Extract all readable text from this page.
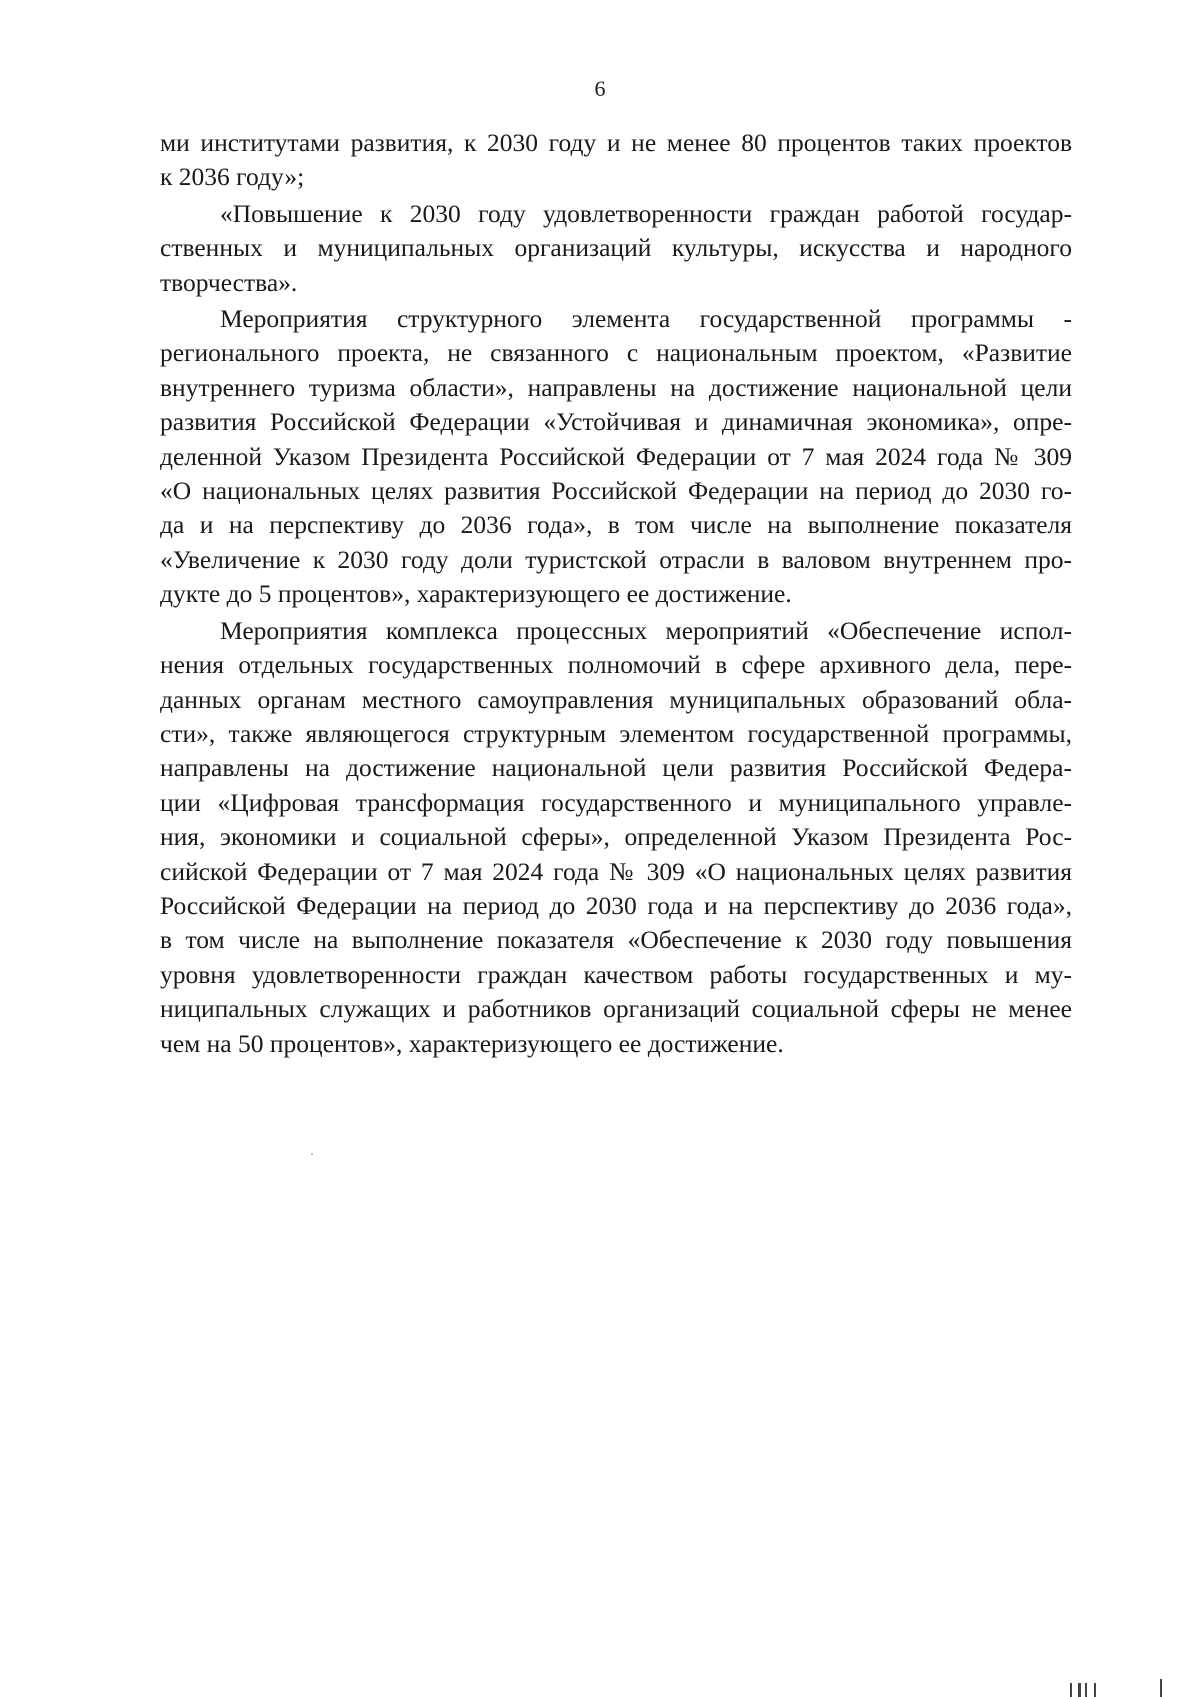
6
ми институтами развития, к 2030 году и не менее 80 процентов таких проектов
к 2036 году»;
«Повышение к 2030 году удовлетворенности граждан работой государ-
ственных и муниципальных организаций культуры, искусства и народного
творчества».
Мероприятия структурного элемента государственной программы -
регионального проекта, не связанного с национальным проектом, «Развитие
внутреннего туризма области», направлены на достижение национальной цели
развития Российской Федерации «Устойчивая и динамичная экономика», опре-
деленной Указом Президента Российской Федерации от 7 мая 2024 года № 309
«О национальных целях развития Российской Федерации на период до 2030 го-
да и на перспективу до 2036 года», в том числе на выполнение показателя
«Увеличение к 2030 году доли туристской отрасли в валовом внутреннем про-
дукте до 5 процентов», характеризующего ее достижение.
Мероприятия комплекса процессных мероприятий «Обеспечение испол-
нения отдельных государственных полномочий в сфере архивного дела, пере-
данных органам местного самоуправления муниципальных образований обла-
сти», также являющегося структурным элементом государственной программы,
направлены на достижение национальной цели развития Российской Федера-
ции «Цифровая трансформация государственного и муниципального управле-
ния, экономики и социальной сферы», определенной Указом Президента Рос-
сийской Федерации от 7 мая 2024 года № 309 «О национальных целях развития
Российской Федерации на период до 2030 года и на перспективу до 2036 года»,
в том числе на выполнение показателя «Обеспечение к 2030 году повышения
уровня удовлетворенности граждан качеством работы государственных и му-
ниципальных служащих и работников организаций социальной сферы не менее
чем на 50 процентов», характеризующего ее достижение.
